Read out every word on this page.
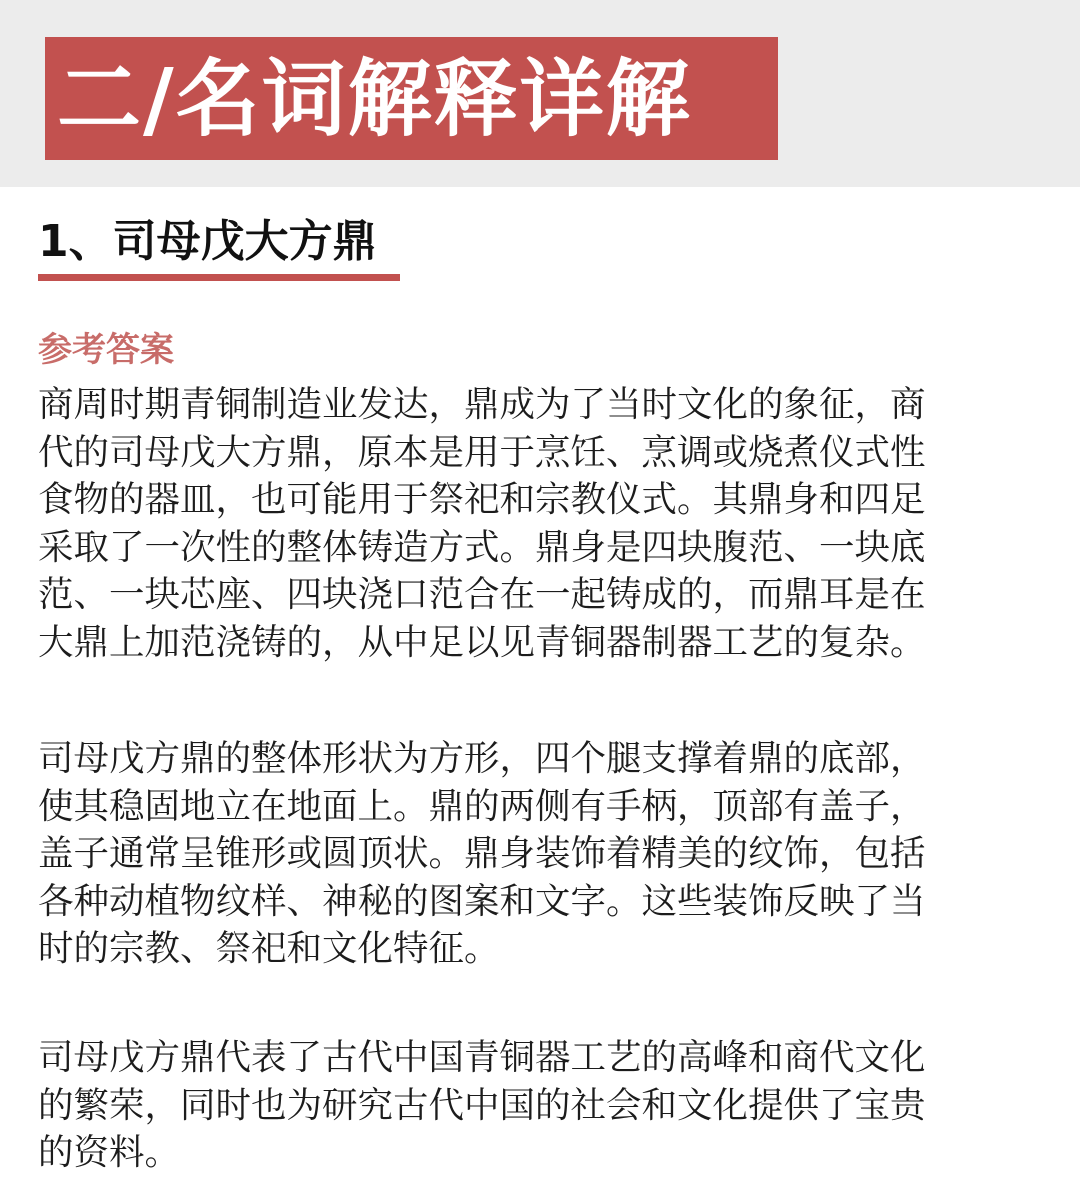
二/名词解释详解
1、司母戊大方鼎
参考答案

商周时期青铜制造业发达，鼎成为了当时文化的象征，商
代的司母戊大方鼎，原本是用于烹饪、烹调或烧煮仪式性
食物的器皿，也可能用于祭祀和宗教仪式。其鼎身和四足
采取了一次性的整体铸造方式。鼎身是四块腹范、一块底
范、一块芯座、四块浇口范合在一起铸成的，而鼎耳是在
大鼎上加范浇铸的，从中足以见青铜器制器工艺的复杂。

司母戊方鼎的整体形状为方形，四个腿支撑着鼎的底部，
使其稳固地立在地面上。鼎的两侧有手柄，顶部有盖子，
盖子通常呈锥形或圆顶状。鼎身装饰着精美的纹饰，包括
各种动植物纹样、神秘的图案和文字。这些装饰反映了当
时的宗教、祭祀和文化特征。

司母戊方鼎代表了古代中国青铜器工艺的高峰和商代文化
的繁荣，同时也为研究古代中国的社会和文化提供了宝贵
的资料。
